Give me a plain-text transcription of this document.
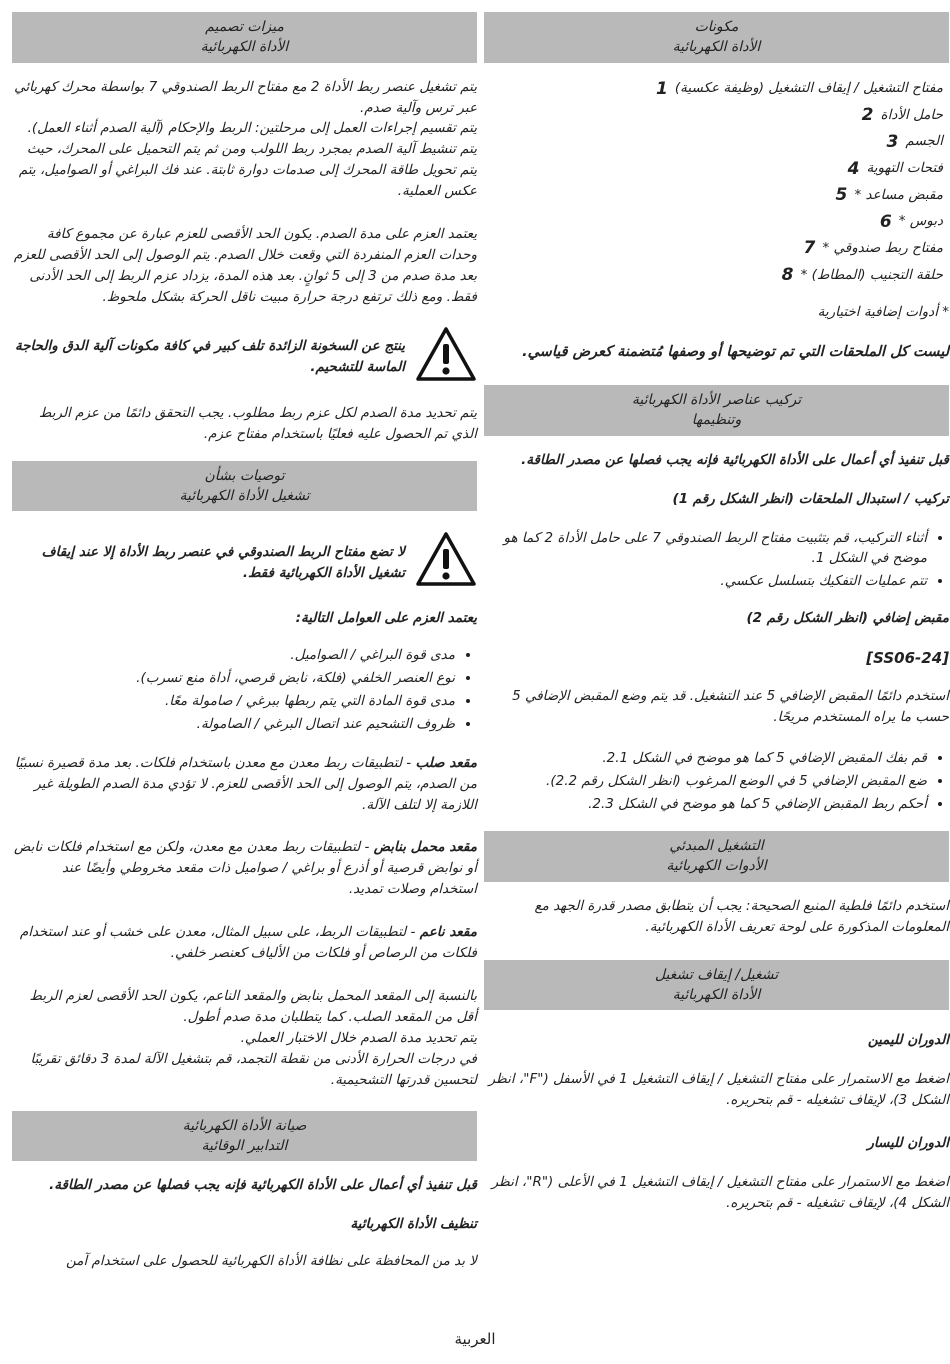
مكونات
الأداة الكهربائية
مفتاح التشغيل / إيقاف التشغيل (وظيفة عكسية)
1
حامل الأداة
2
الجسم
3
فتحات التهوية
4
مقبض مساعد *
5
دبوس *
6
مفتاح ربط صندوقي *
7
حلقة التجنيب (المطاط) *
8

* أدوات إضافية اختيارية

ليست كل الملحقات التي تم توضيحها أو وصفها مُتضمنة كعرض قياسي.

تركيب عناصر الأداة الكهربائية
وتنظيمها

قبل تنفيذ أي أعمال على الأداة الكهربائية فإنه يجب فصلها عن مصدر الطاقة.

تركيب / استبدال الملحقات (انظر الشكل رقم 1)
• أثناء التركيب، قم بتثبيت مفتاح الربط الصندوقي 7 على حامل الأداة 2 كما هو موضح في الشكل 1.
• تتم عمليات التفكيك بتسلسل عكسي.
مقبض إضافي (انظر الشكل رقم 2)
[SS06-24]

استخدم دائمًا المقبض الإضافي 5 عند التشغيل. قد يتم وضع المقبض الإضافي 5 حسب ما يراه المستخدم مريحًا.

• قم بفك المقبض الإضافي 5 كما هو موضح في الشكل 2.1.
• ضع المقبض الإضافي 5 في الوضع المرغوب (انظر الشكل رقم 2.2).
• أحكم ربط المقبض الإضافي 5 كما هو موضح في الشكل 2.3.
التشغيل المبدئي
الأدوات الكهربائية

استخدم دائمًا فلطية المنبع الصحيحة: يجب أن يتطابق مصدر قدرة الجهد مع المعلومات المذكورة على لوحة تعريف الأداة الكهربائية.

تشغيل/ إيقاف تشغيل
الأداة الكهربائية
الدوران لليمين

اضغط مع الاستمرار على مفتاح التشغيل / إيقاف التشغيل 1 في الأسفل ("F"، انظر الشكل 3)، لإيقاف تشغيله - قم بتحريره.

الدوران لليسار

اضغط مع الاستمرار على مفتاح التشغيل / إيقاف التشغيل 1 في الأعلى ("R"، انظر الشكل 4)، لإيقاف تشغيله - قم بتحريره.

ميزات تصميم
الأداة الكهربائية

يتم تشغيل عنصر ربط الأداة 2 مع مفتاح الربط الصندوقي 7 بواسطة محرك كهربائي عبر ترس وآلية صدم.

يتم تقسيم إجراءات العمل إلى مرحلتين: الربط والإحكام (آلية الصدم أثناء العمل). يتم تنشيط آلية الصدم بمجرد ربط اللولب ومن ثم يتم التحميل على المحرك، حيث يتم تحويل طاقة المحرك إلى صدمات دوارة ثابتة. عند فك البراغي أو الصواميل، يتم عكس العملية.

يعتمد العزم على مدة الصدم. يكون الحد الأقصى للعزم عبارة عن مجموع كافة وحدات العزم المنفردة التي وقعت خلال الصدم. يتم الوصول إلى الحد الأقصى للعزم بعد مدة صدم من 3 إلى 5 ثوانٍ. بعد هذه المدة، يزداد عزم الربط إلى الحد الأدنى فقط. ومع ذلك ترتفع درجة حرارة مبيت ناقل الحركة بشكل ملحوظ.

ينتج عن السخونة الزائدة تلف كبير في كافة مكونات آلية الدق والحاجة الماسة للتشحيم.

يتم تحديد مدة الصدم لكل عزم ربط مطلوب. يجب التحقق دائمًا من عزم الربط الذي تم الحصول عليه فعليًا باستخدام مفتاح عزم.

توصيات بشأن
تشغيل الأداة الكهربائية
لا تضع مفتاح الربط الصندوقي في عنصر ربط الأداة إلا عند إيقاف تشغيل الأداة الكهربائية فقط.
يعتمد العزم على العوامل التالية:
• مدى قوة البراغي / الصواميل.
• نوع العنصر الخلفي (فلكة، نابض قرصي، أداة منع تسرب).
• مدى قوة المادة التي يتم ربطها ببرغي / صامولة معًا.
• ظروف التشحيم عند اتصال البرغي / الصامولة.

مقعد صلب - لتطبيقات ربط معدن مع معدن باستخدام فلكات. بعد مدة قصيرة نسبيًا من الصدم، يتم الوصول إلى الحد الأقصى للعزم. لا تؤدي مدة الصدم الطويلة غير اللازمة إلا لتلف الآلة.

مقعد محمل بنابض - لتطبيقات ربط معدن مع معدن، ولكن مع استخدام فلكات نابض أو نوابض قرصية أو أذرع أو براغي / صواميل ذات مقعد مخروطي وأيضًا عند استخدام وصلات تمديد.

مقعد ناعم - لتطبيقات الربط، على سبيل المثال، معدن على خشب أو عند استخدام فلكات من الرصاص أو فلكات من الألياف كعنصر خلفي.

بالنسبة إلى المقعد المحمل بنابض والمقعد الناعم، يكون الحد الأقصى لعزم الربط أقل من المقعد الصلب. كما يتطلبان مدة صدم أطول.

يتم تحديد مدة الصدم خلال الاختبار العملي.

في درجات الحرارة الأدنى من نقطة التجمد، قم بتشغيل الآلة لمدة 3 دقائق تقريبًا لتحسين قدرتها التشحيمية.

صيانة الأداة الكهربائية
التدابير الوقائية

قبل تنفيذ أي أعمال على الأداة الكهربائية فإنه يجب فصلها عن مصدر الطاقة.

تنظيف الأداة الكهربائية

لا بد من المحافظة على نظافة الأداة الكهربائية للحصول على استخدام آمن

العربية
